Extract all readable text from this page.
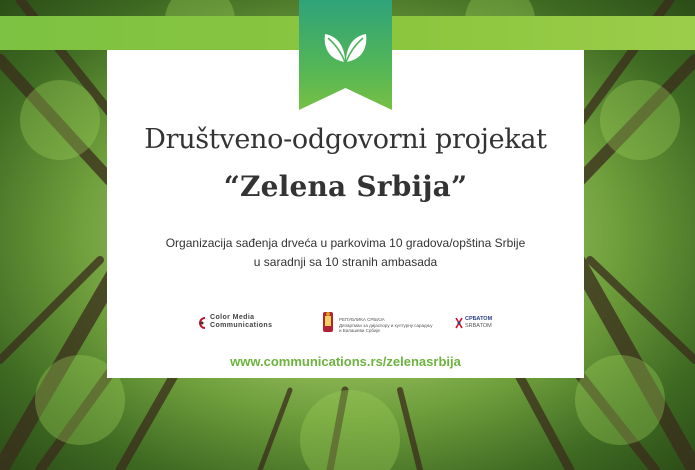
Društveno-odgovorni projekat
“Zelena Srbija”
Organizacija sađenja drveća u parkovima 10 gradova/opština Srbije
u saradnji sa 10 stranih ambasada
Color Media
Communications
РЕПУБЛИКА СРБИЈА
Департман за дијаспору и културну сарадњу
и Балашеви Србије
СРБАТОМ
SRBATOM
www.communications.rs/zelenasrbija
